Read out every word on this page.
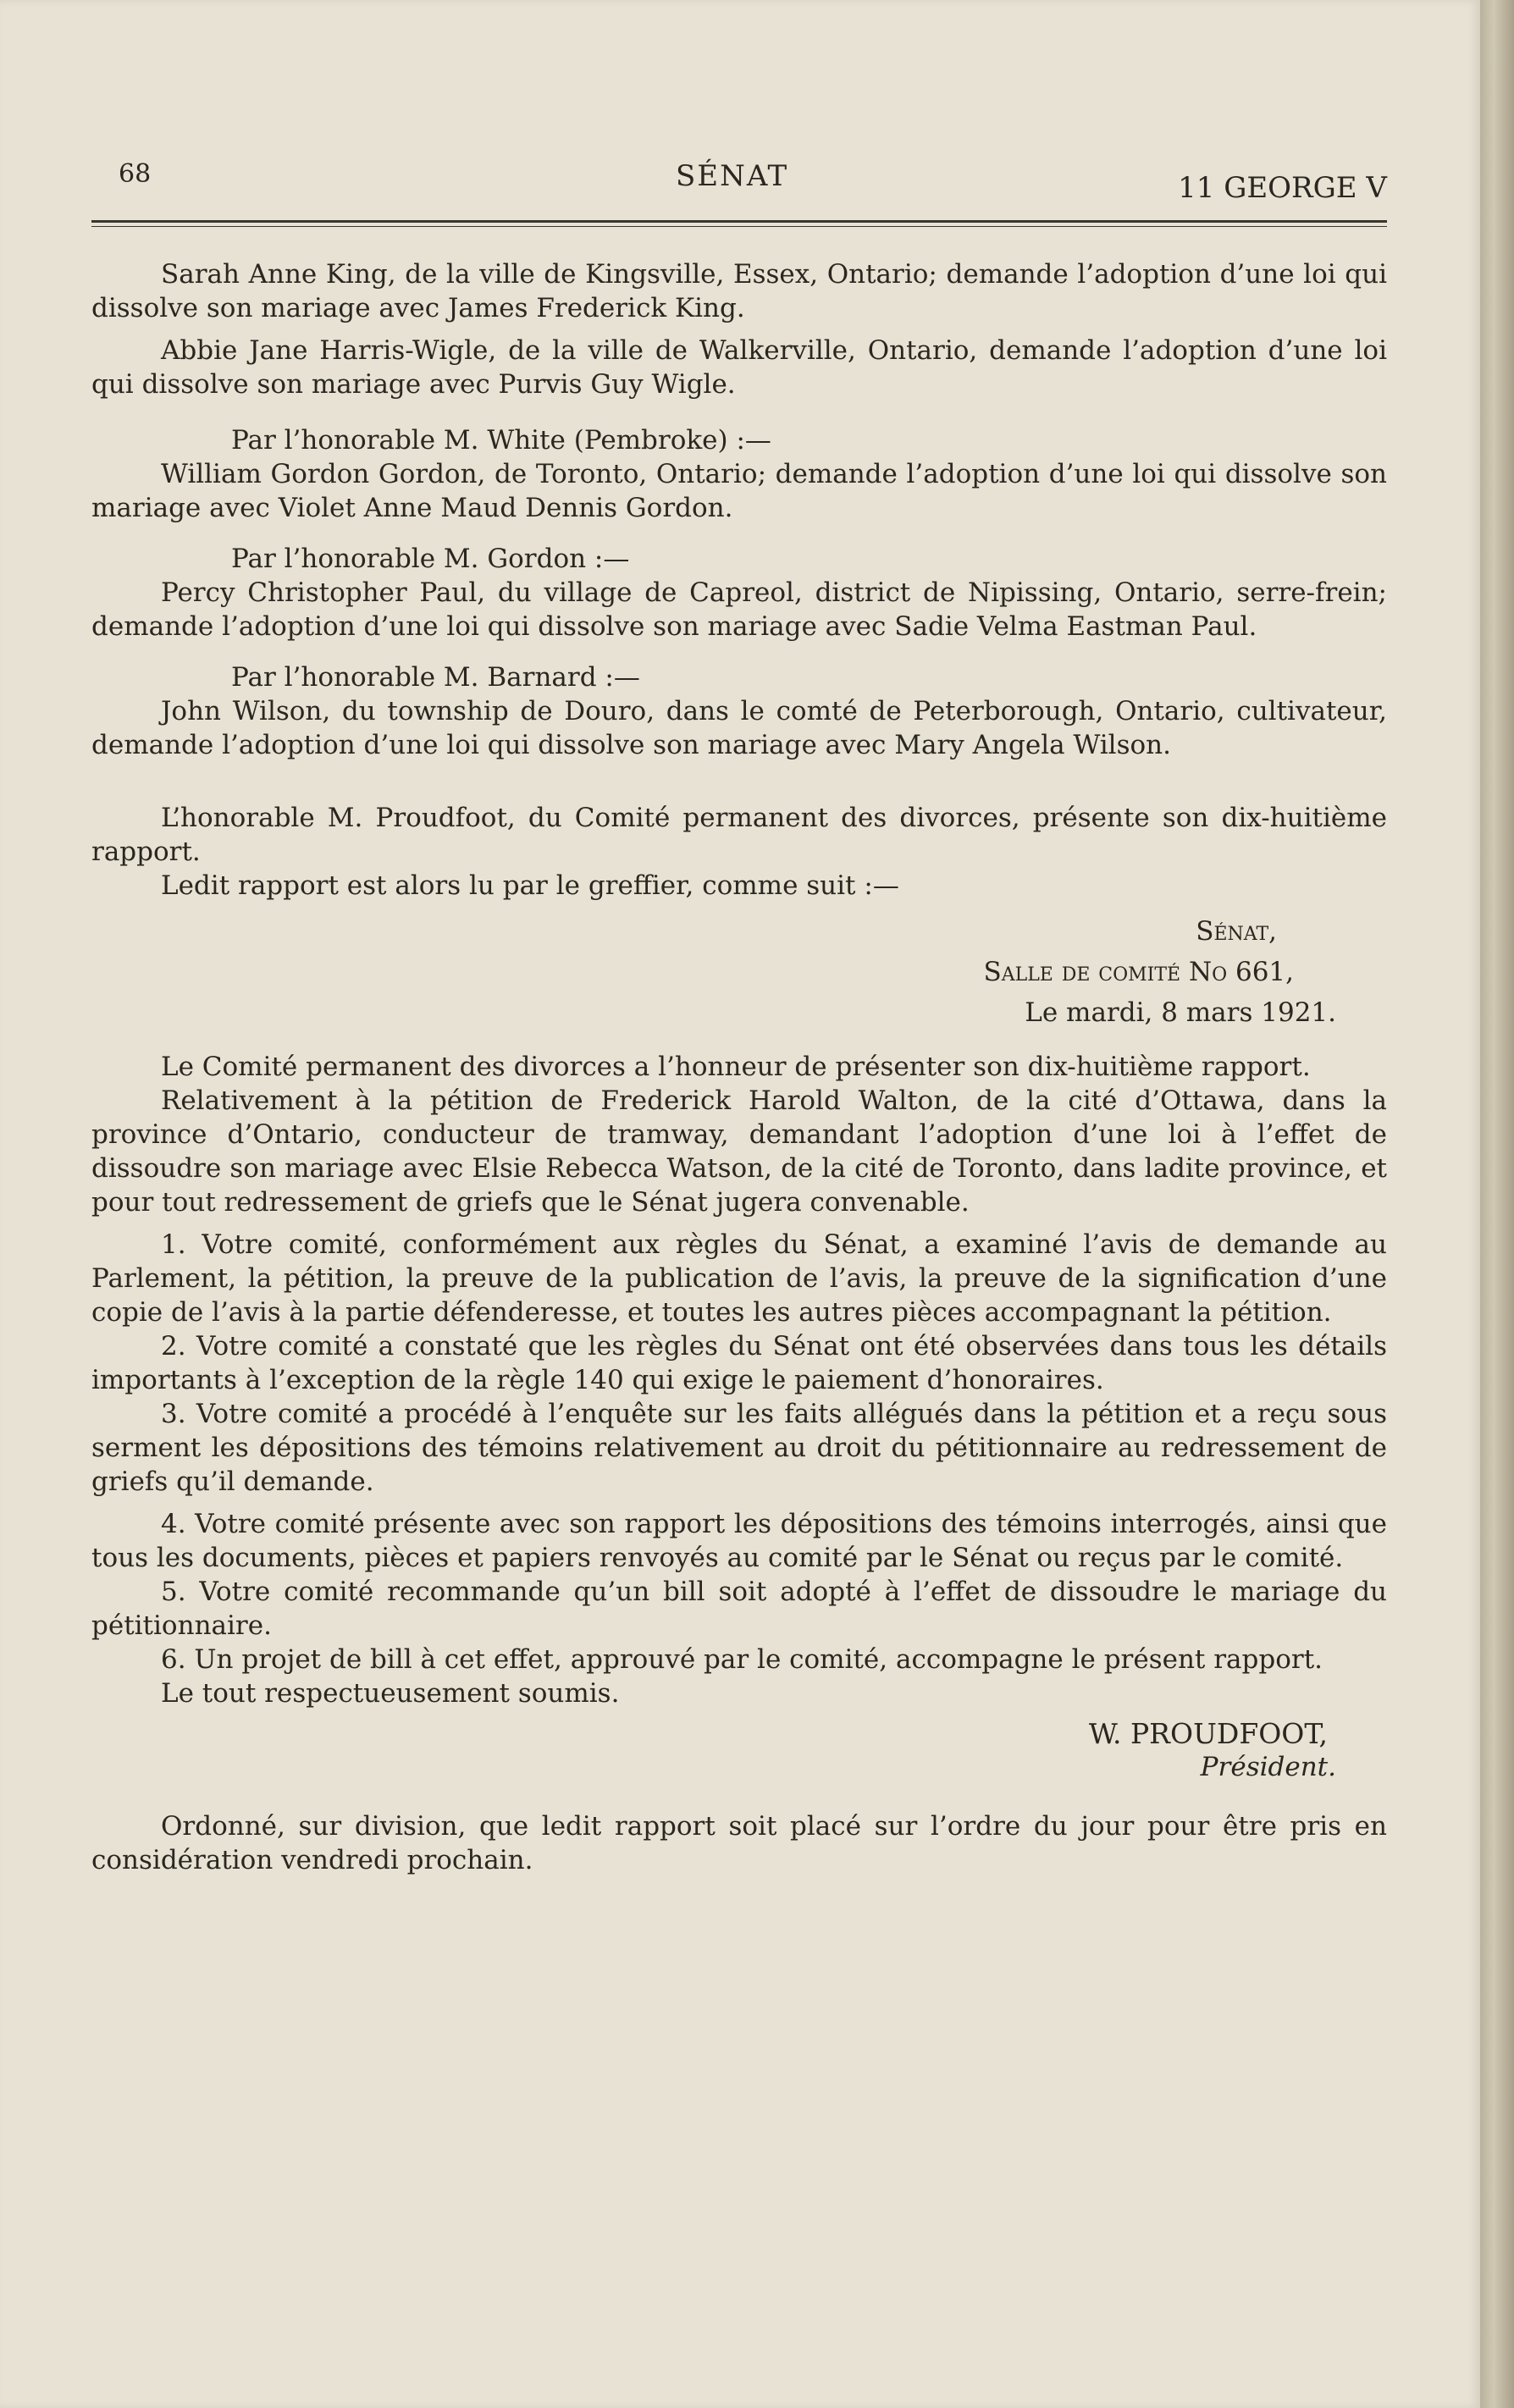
68	SÉNAT	11 GEORGE V

Sarah Anne King, de la ville de Kingsville, Essex, Ontario; demande l’adoption d’une loi qui dissolve son mariage avec James Frederick King.

Abbie Jane Harris-Wigle, de la ville de Walkerville, Ontario, demande l’adoption d’une loi qui dissolve son mariage avec Purvis Guy Wigle.

Par l’honorable M. White (Pembroke) :—

William Gordon Gordon, de Toronto, Ontario; demande l’adoption d’une loi qui dissolve son mariage avec Violet Anne Maud Dennis Gordon.

Par l’honorable M. Gordon :—

Percy Christopher Paul, du village de Capreol, district de Nipissing, Ontario, serre-frein; demande l’adoption d’une loi qui dissolve son mariage avec Sadie Velma Eastman Paul.

Par l’honorable M. Barnard :—

John Wilson, du township de Douro, dans le comté de Peterborough, Ontario, cultivateur, demande l’adoption d’une loi qui dissolve son mariage avec Mary Angela Wilson.

L’honorable M. Proudfoot, du Comité permanent des divorces, présente son dix-huitième rapport.

Ledit rapport est alors lu par le greffier, comme suit :—

Sénat,
Salle de comité No 661,
Le mardi, 8 mars 1921.

Le Comité permanent des divorces a l’honneur de présenter son dix-huitième rapport.

Relativement à la pétition de Frederick Harold Walton, de la cité d’Ottawa, dans la province d’Ontario, conducteur de tramway, demandant l’adoption d’une loi à l’effet de dissoudre son mariage avec Elsie Rebecca Watson, de la cité de Toronto, dans ladite province, et pour tout redressement de griefs que le Sénat jugera convenable.

1. Votre comité, conformément aux règles du Sénat, a examiné l’avis de demande au Parlement, la pétition, la preuve de la publication de l’avis, la preuve de la signification d’une copie de l’avis à la partie défenderesse, et toutes les autres pièces accompagnant la pétition.

2. Votre comité a constaté que les règles du Sénat ont été observées dans tous les détails importants à l’exception de la règle 140 qui exige le paiement d’honoraires.

3. Votre comité a procédé à l’enquête sur les faits allégués dans la pétition et a reçu sous serment les dépositions des témoins relativement au droit du pétitionnaire au redressement de griefs qu’il demande.

4. Votre comité présente avec son rapport les dépositions des témoins interrogés, ainsi que tous les documents, pièces et papiers renvoyés au comité par le Sénat ou reçus par le comité.

5. Votre comité recommande qu’un bill soit adopté à l’effet de dissoudre le mariage du pétitionnaire.

6. Un projet de bill à cet effet, approuvé par le comité, accompagne le présent rapport.

Le tout respectueusement soumis.

W. PROUDFOOT,
Président.

Ordonné, sur division, que ledit rapport soit placé sur l’ordre du jour pour être pris en considération vendredi prochain.
